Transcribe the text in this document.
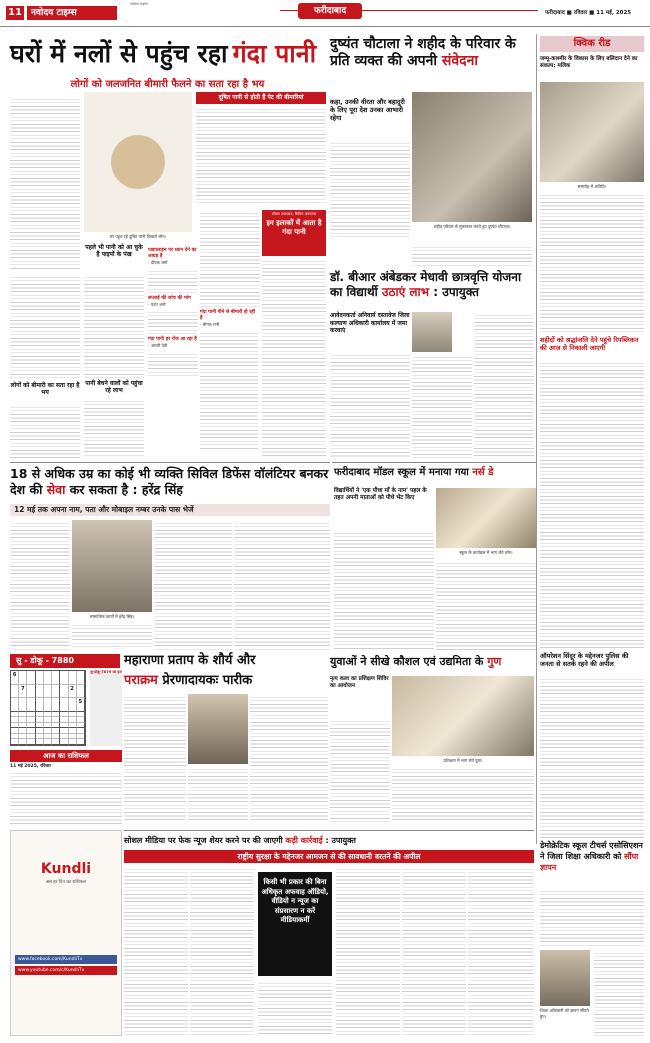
11	नवोदय टाइम्स
नवोदय टाइम्स
फरीदाबाद	फरीदाबाद ■ रविवार ■ 11 मई, 2025
घरों में नलों से पहुंच रहा गंदा पानी
लोगों को जलजनित बीमारी फैलने का सता रहा है भय
घर पहुंच रहे दूषित पानी दिखाते लोग।
दूषित पानी से होती हैं पेट की बीमारियां
पहले भी पानी को आ चुके हैं पाइपों के पंख
पानी बेचने वालों को पहुंचा रहे लाभ
लोगों को बीमारी का सता रहा है भय
पाइपलाइन पर ध्यान देने का आग्रह है
- दीपक शर्मा
सप्लाई की जांच की मांग
- पवन शर्मा
गंदा पानी हर रोज आ रहा है
- आरती देवी
डॉक्टर उपाध्याय, सिविल अस्पताल
इन इलाकों में आता है गंदा पानी
गंदा पानी पीने से बीमारी हो रही है
- मीनल रानी
दुष्यंत चौटाला ने शहीद के परिवार के प्रति व्यक्त की अपनी संवेदना
कहा, उनकी वीरता और बहादुरी के लिए पूरा देश उनका आभारी रहेगा
शहीद परिवार से मुलाकात करते हुए दुष्यंत चौटाला।
डॉ. बीआर अंबेडकर मेधावी छात्रवृत्ति योजना का विद्यार्थी उठाएं लाभ : उपायुक्त
आवेदनकर्ता अनिवार्य दस्तावेज जिला कल्याण अधिकारी कार्यालय में जमा करवाएं
क्विक रीड
जम्मू-काश्मीर के विकास के लिए बलिदान देने का संकल्प: मलिक
समारोह में अतिथि।
शहीदों को श्रद्धांजलि देने पहुंचे रिपब्लिकन की आज से निकाली जाएगी
ऑपरेशन सिंदूर के मद्देनजर पुलिस की जनता से सतर्क रहने की अपील
18 से अधिक उम्र का कोई भी व्यक्ति सिविल डिफेंस वॉलंटियर बनकर देश की सेवा कर सकता है : हरेंद्र सिंह
12 मई तक अपना नाम, पता और मोबाइल नम्बर उनके पास भेजें
सामाजिक कार्यों में हरेंद्र सिंह।
फरीदाबाद मॉडल स्कूल में मनाया गया नर्स डे
विद्यार्थियों ने 'एक पौधा माँ के नाम' पहल के तहत अपनी माताओं को पौधे भेंट किए
स्कूल के कार्यक्रम में भाग लेते लोग।
सु - डोकू - 7880
6
7	2
5
सु-डोकू-7879 का हल
महाराणा प्रताप के शौर्य और
पराक्रम प्रेरणादायकः पारीक
आज का राशिफल
11 मई 2025, रविवार
युवाओं ने सीखे कौशल एवं उद्यमिता के गुण
नृत्य कला का प्रशिक्षण शिविर का आयोजन
प्रशिक्षण में भाग लेते युवा।
Kundli
अब हर दिन का राशिफल
www.facebook.com/KundliTv
www.youtube.com/c/KundliTv
सोशल मीडिया पर फेक न्यूज शेयर करने पर की जाएगी कड़ी कार्रवाई : उपायुक्त
राष्ट्रीय सुरक्षा के मद्देनजर आमजन से की सावधानी बरतने की अपील
किसी भी प्रकार की बिना अधिकृत अफवाह ऑडियो, वीडियो न न्यूज का संप्रसारण न करें मीडियाकर्मी
डेमोक्रेटिक स्कूल टीचर्स एसोसिएशन ने जिला शिक्षा अधिकारी को सौंपा ज्ञापन
शिक्षा अधिकारी को ज्ञापन सौंपते हुए।
